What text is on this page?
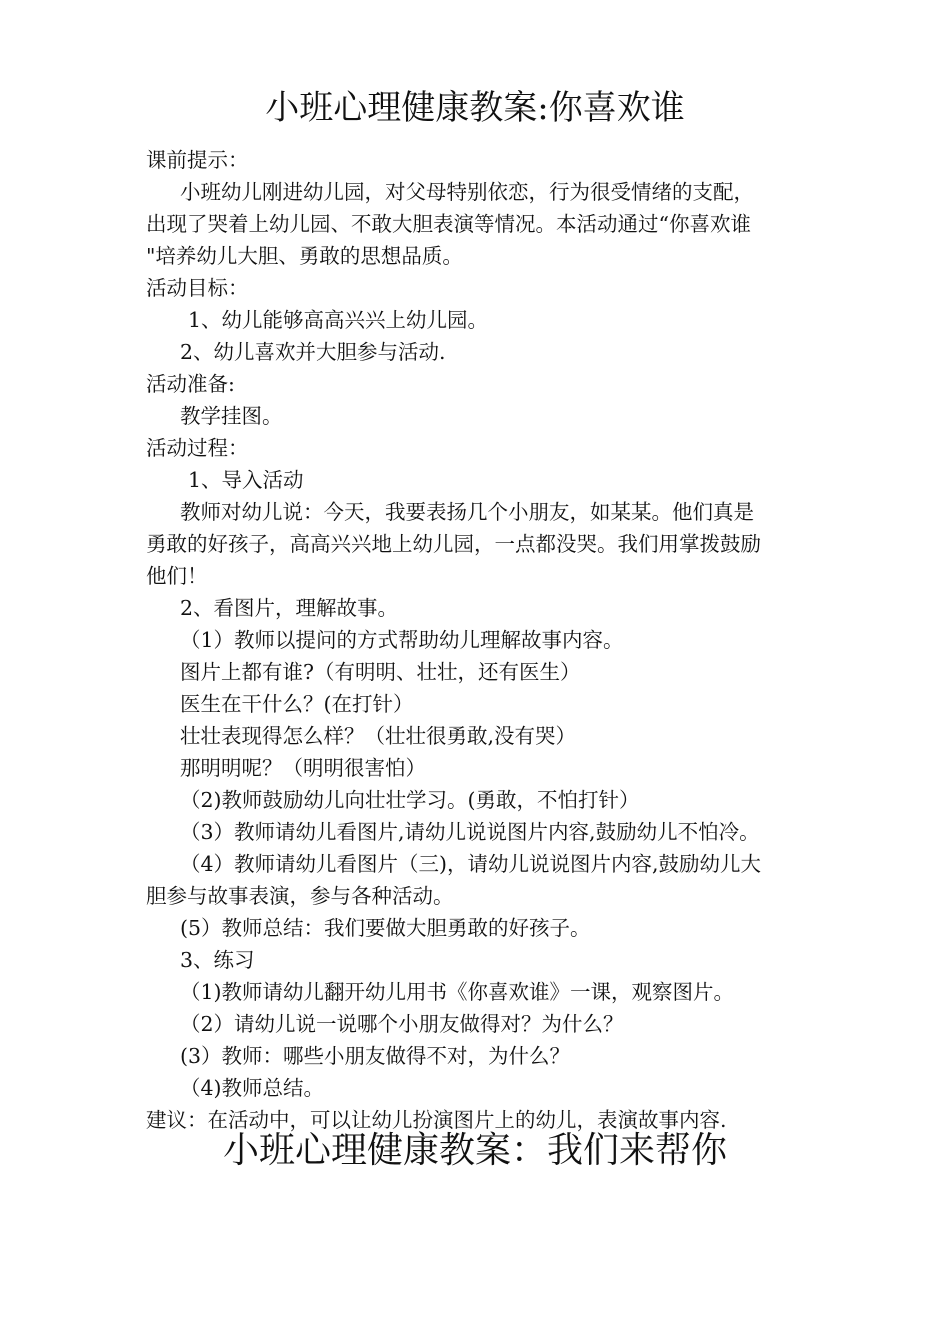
小班心理健康教案:你喜欢谁
课前提示：
小班幼儿刚进幼儿园，对父母特别依恋，行为很受情绪的支配，
出现了哭着上幼儿园、不敢大胆表演等情况。本活动通过“你喜欢谁
"培养幼儿大胆、勇敢的思想品质。
活动目标：
1、幼儿能够高高兴兴上幼儿园。
2、幼儿喜欢并大胆参与活动.
活动准备:
教学挂图。
活动过程：
1、导入活动
教师对幼儿说：今天，我要表扬几个小朋友，如某某。他们真是
勇敢的好孩子，高高兴兴地上幼儿园，一点都没哭。我们用掌拨鼓励
他们！
2、看图片，理解故事。
（1）教师以提问的方式帮助幼儿理解故事内容。
图片上都有谁?（有明明、壮壮，还有医生）
医生在干什么？(在打针）
壮壮表现得怎么样？（壮壮很勇敢,没有哭）
那明明呢？（明明很害怕）
（2)教师鼓励幼儿向壮壮学习。(勇敢，不怕打针）
（3）教师请幼儿看图片,请幼儿说说图片内容,鼓励幼儿不怕冷。
（4）教师请幼儿看图片（三)，请幼儿说说图片内容,鼓励幼儿大
胆参与故事表演，参与各种活动。
(5）教师总结：我们要做大胆勇敢的好孩子。
3、练习
（1)教师请幼儿翻开幼儿用书《你喜欢谁》一课，观察图片。
（2）请幼儿说一说哪个小朋友做得对？为什么？
(3）教师：哪些小朋友做得不对，为什么？
（4)教师总结。
建议：在活动中，可以让幼儿扮演图片上的幼儿，表演故事内容.
小班心理健康教案：我们来帮你
